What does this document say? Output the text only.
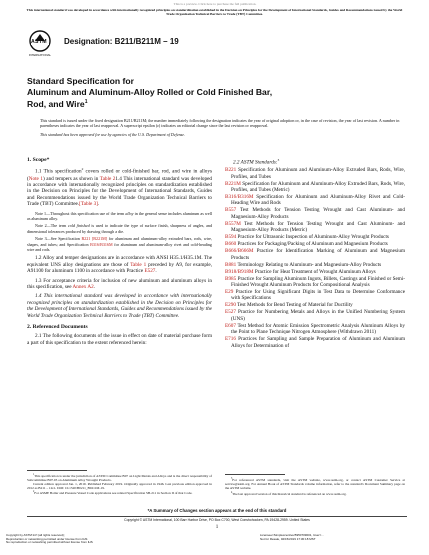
This is a preview. Click here to purchase the full publication.
This international standard was developed in accordance with internationally recognized principles on standardization established in the Decision on Principles for the Development of International Standards, Guides and Recommendations issued by the World Trade Organization Technical Barriers to Trade (TBT) Committee.
ASTM
INTERNATIONAL
Designation: B211/B211M – 19
Standard Specification for
Aluminum and Aluminum-Alloy Rolled or Cold Finished Bar,
Rod, and Wire$^1$
This standard is issued under the fixed designation B211/B211M; the number immediately following the designation indicates the year of original adoption or, in the case of revision, the year of last revision. A number in parentheses indicates the year of last reapproval. A superscript epsilon (ε) indicates an editorial change since the last revision or reapproval.
This standard has been approved for use by agencies of the U.S. Department of Defense.
1. Scope*
1.1 This specification$^2$ covers rolled or cold-finished bar, rod, and wire in alloys (Note 1) and tempers as shown in Table 21.4 This international standard was developed in accordance with internationally recognized principles on standardization established in the Decision on Principles for the Development of International Standards, Guides and Recommendations issued by the World Trade Organization Technical Barriers to Trade (TBT) Committee.[Table 3].
Note 1—Throughout this specification use of the term alloy in the general sense includes aluminum as well as aluminum alloy.
Note 2—The term cold finished is used to indicate the type of surface finish, sharpness of angles, and dimensional tolerances produced by drawing through a die.
Note 3—See Specification B221 [B221M] for aluminum and aluminum-alloy extruded bars, rods, wire, shapes, and tubes; and Specification B316/B316M for aluminum and aluminum-alloy rivet and cold-heading wire and rods.
1.2 Alloy and temper designations are in accordance with ANSI H35.1/H35.1M. The equivalent UNS alloy designations are those of Table 1 preceded by A9, for example, A91100 for aluminum 1100 in accordance with Practice E527.
1.3 For acceptance criteria for inclusion of new aluminum and aluminum alloys in this specification, see Annex A2.
1.4 This international standard was developed in accordance with internationally recognized principles on standardization established in the Decision on Principles for the Development of International Standards, Guides and Recommendations issued by the World Trade Organization Technical Barriers to Trade (TBT) Committee.
2. Referenced Documents
2.1 The following documents of the issue in effect on date of material purchase form a part of this specification to the extent referenced herein:
$^1$This specification is under the jurisdiction of ASTM Committee B07 on Light Metals and Alloys and is the direct responsibility of Subcommittee B07.03 on Aluminum Alloy Wrought Products.
Current edition approved Jan. 1, 2019. Published February 2019. Originally approved in 1946. Last previous edition approved in 2012 as B211 – 12ε1. DOI: 10.1520/B0211_B0211M-19.
$^2$For ASME Boiler and Pressure Vessel Code applications see related Specification SB-211 in Section II of that Code.
2.2 ASTM Standards:$^3$
B221 Specification for Aluminum and Aluminum-Alloy Extruded Bars, Rods, Wire, Profiles, and Tubes
B221M Specification for Aluminum and Aluminum-Alloy Extruded Bars, Rods, Wire, Profiles, and Tubes (Metric)
B316/B316M Specification for Aluminum and Aluminum-Alloy Rivet and Cold-Heading Wire and Rods
B557 Test Methods for Tension Testing Wrought and Cast Aluminum- and Magnesium-Alloy Products
B557M Test Methods for Tension Testing Wrought and Cast Aluminum- and Magnesium-Alloy Products (Metric)
B594 Practice for Ultrasonic Inspection of Aluminum-Alloy Wrought Products
B660 Practices for Packaging/Packing of Aluminum and Magnesium Products
B666/B666M Practice for Identification Marking of Aluminum and Magnesium Products
B881 Terminology Relating to Aluminum- and Magnesium-Alloy Products
B918/B918M Practice for Heat Treatment of Wrought Aluminum Alloys
B985 Practice for Sampling Aluminum Ingots, Billets, Castings and Finished or Semi-Finished Wrought Aluminum Products for Compositional Analysis
E29 Practice for Using Significant Digits in Test Data to Determine Conformance with Specifications
E290 Test Methods for Bend Testing of Material for Ductility
E527 Practice for Numbering Metals and Alloys in the Unified Numbering System (UNS)
E607 Test Method for Atomic Emission Spectrometric Analysis Aluminum Alloys by the Point to Plane Technique Nitrogen Atmosphere (Withdrawn 2011)
E716 Practices for Sampling and Sample Preparation of Aluminum and Aluminum Alloys for Determination of
$^3$For referenced ASTM standards, visit the ASTM website, www.astm.org, or contact ASTM Customer Service at service@astm.org. For Annual Book of ASTM Standards volume information, refer to the standard's Document Summary page on the ASTM website.
$^4$The last approved version of this historical standard is referenced on www.astm.org.
*A Summary of Changes section appears at the end of this standard
Copyright © ASTM International, 100 Barr Harbor Drive, PO Box C700, West Conshohocken, PA 19428-2959. United States
1
Copyright by ASTM Int'l (all rights reserved);
Reproduction or networking permitted under license from IHS
No reproduction or networking permitted without license from IHS
Licensee=Simplexcentive/5950709001, User=...
Not for Resale, 02/15/2019 17:30:18 MST
